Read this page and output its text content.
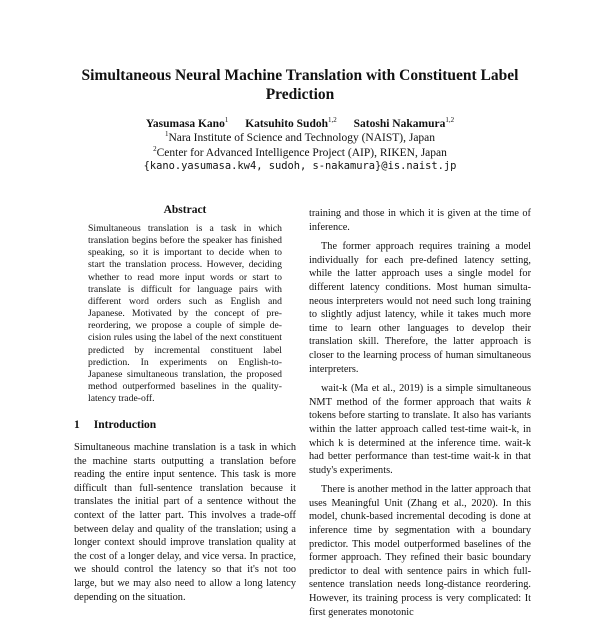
Simultaneous Neural Machine Translation with Constituent Label Prediction
Yasumasa Kano$^1$ Katsuhito Sudoh$^{1,2}$ Satoshi Nakamura$^{1,2}$
$^1$Nara Institute of Science and Technology (NAIST), Japan
$^2$Center for Advanced Intelligence Project (AIP), RIKEN, Japan
{kano.yasumasa.kw4, sudoh, s-nakamura}@is.naist.jp
Abstract
Simultaneous translation is a task in which translation begins before the speaker has finished speaking, so it is important to decide when to start the translation process. However, deciding whether to read more input words or start to translate is difficult for language pairs with different word orders such as English and Japanese. Motivated by the concept of prereordering, we propose a couple of simple decision rules using the label of the next constituent predicted by incremental constituent label prediction. In experiments on English-to-Japanese simultaneous translation, the proposed method outperformed baselines in the quality-latency trade-off.
1 Introduction
Simultaneous machine translation is a task in which the machine starts outputting a translation before reading the entire input sentence. This task is more difficult than full-sentence translation because it translates the initial part of a sentence without the context of the latter part. This involves a trade-off between delay and quality of the translation; using a longer context should improve translation quality at the cost of a longer delay, and vice versa. In practice, we should control the latency so that it's not too large, but we may also need to allow a long latency depending on the situation.

training and those in which it is given at the time of inference.

The former approach requires training a model individually for each pre-defined latency setting, while the latter approach uses a single model for different latency conditions. Most human simultaneous interpreters would not need such long training to slightly adjust latency, while it takes much more time to learn other languages to develop their translation skill. Therefore, the latter approach is closer to the learning process of human simultaneous interpreters.

wait-k (Ma et al., 2019) is a simple simultaneous NMT method of the former approach that waits k tokens before starting to translate. It also has variants within the latter approach called test-time wait-k, in which k is determined at the inference time. wait-k had better performance than test-time wait-k in that study's experiments.

There is another method in the latter approach that uses Meaningful Unit (Zhang et al., 2020). In this model, chunk-based incremental decoding is done at inference time by segmentation with a boundary predictor. This model outperformed baselines of the former approach. They refined their basic boundary predictor to deal with sentence pairs in which full-sentence translation needs long-distance reordering. However, its training process is very complicated: It first generates monotonic
